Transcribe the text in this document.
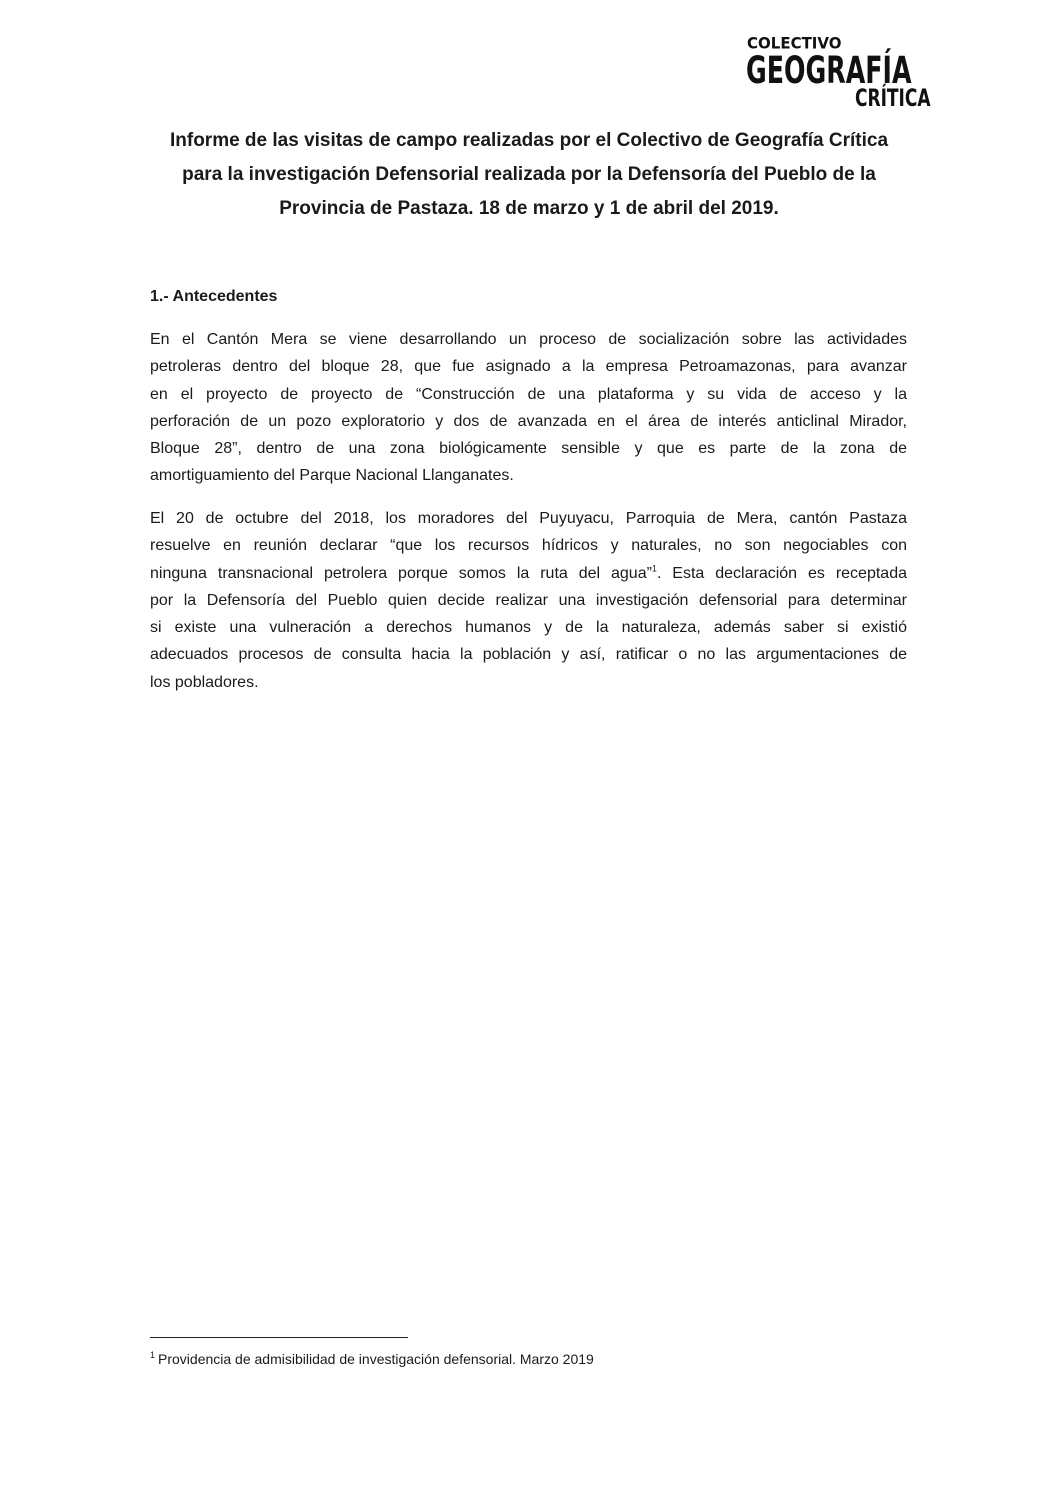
COLECTIVO
GEOGRAFÍA
CRÍTICA
Informe de las visitas de campo realizadas por el Colectivo de Geografía Crítica
para la investigación Defensorial realizada por la Defensoría del Pueblo de la
Provincia de Pastaza. 18 de marzo y 1 de abril del 2019.
1.- Antecedentes

En el Cantón Mera se viene desarrollando un proceso de socialización sobre las actividades
petroleras dentro del bloque 28, que fue asignado a la empresa Petroamazonas, para avanzar
en el proyecto de proyecto de “Construcción de una plataforma y su vida de acceso y la
perforación de un pozo exploratorio y dos de avanzada en el área de interés anticlinal Mirador,
Bloque 28”, dentro de una zona biológicamente sensible y que es parte de la zona de
amortiguamiento del Parque Nacional Llanganates.

El 20 de octubre del 2018, los moradores del Puyuyacu, Parroquia de Mera, cantón Pastaza
resuelve en reunión declarar “que los recursos hídricos y naturales, no son negociables con
ninguna transnacional petrolera porque somos la ruta del agua”$^1$. Esta declaración es receptada
por la Defensoría del Pueblo quien decide realizar una investigación defensorial para determinar
si existe una vulneración a derechos humanos y de la naturaleza, además saber si existió
adecuados procesos de consulta hacia la población y así, ratificar o no las argumentaciones de
los pobladores.

$^1$ Providencia de admisibilidad de investigación defensorial. Marzo 2019
